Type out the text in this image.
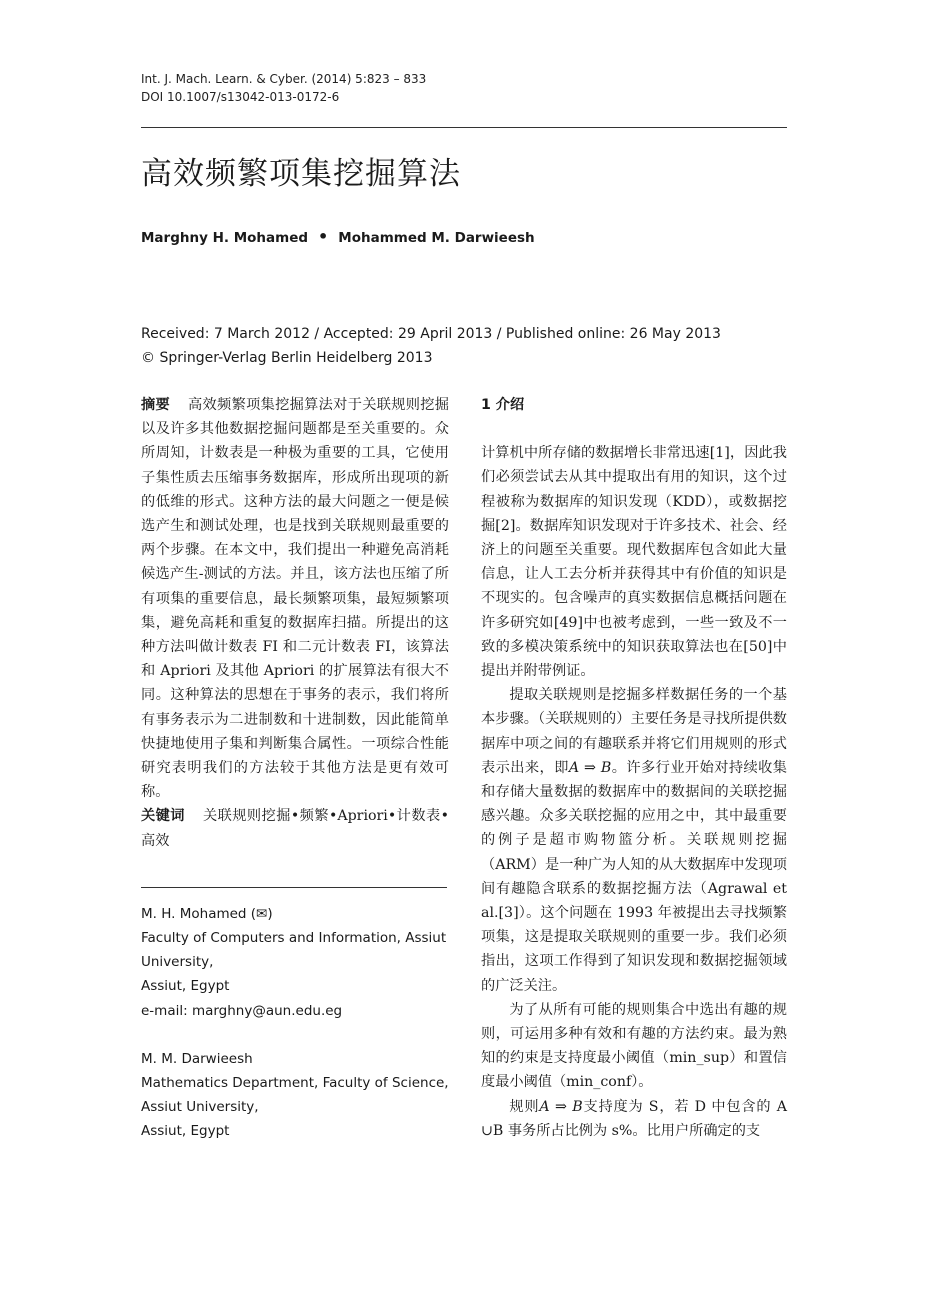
Int. J. Mach. Learn. & Cyber. (2014) 5:823 – 833
DOI 10.1007/s13042-013-0172-6
高效频繁项集挖掘算法
Marghny H. Mohamed • Mohammed M. Darwieesh
Received: 7 March 2012 / Accepted: 29 April 2013 / Published online: 26 May 2013
© Springer-Verlag Berlin Heidelberg 2013

摘要 高效频繁项集挖掘算法对于关联规则挖掘以及许多其他数据挖掘问题都是至关重要的。众所周知，计数表是一种极为重要的工具，它使用子集性质去压缩事务数据库，形成所出现项的新的低维的形式。这种方法的最大问题之一便是候选产生和测试处理，也是找到关联规则最重要的两个步骤。在本文中，我们提出一种避免高消耗候选产生-测试的方法。并且，该方法也压缩了所有项集的重要信息，最长频繁项集，最短频繁项集，避免高耗和重复的数据库扫描。所提出的这种方法叫做计数表 FI 和二元计数表 FI，该算法和 Apriori 及其他 Apriori 的扩展算法有很大不同。这种算法的思想在于事务的表示，我们将所有事务表示为二进制数和十进制数，因此能简单快捷地使用子集和判断集合属性。一项综合性能研究表明我们的方法较于其他方法是更有效可称。

关键词 关联规则挖掘•频繁•Apriori•计数表•高效

M. H. Mohamed (✉)
Faculty of Computers and Information, Assiut University,
Assiut, Egypt
e-mail: marghny@aun.edu.eg
M. M. Darwieesh
Mathematics Department, Faculty of Science, Assiut University,
Assiut, Egypt
1 介绍

计算机中所存储的数据增长非常迅速[1]，因此我们必须尝试去从其中提取出有用的知识，这个过程被称为数据库的知识发现（KDD），或数据挖掘[2]。数据库知识发现对于许多技术、社会、经济上的问题至关重要。现代数据库包含如此大量信息，让人工去分析并获得其中有价值的知识是不现实的。包含噪声的真实数据信息概括问题在许多研究如[49]中也被考虑到，一些一致及不一致的多模决策系统中的知识获取算法也在[50]中提出并附带例证。

提取关联规则是挖掘多样数据任务的一个基本步骤。（关联规则的）主要任务是寻找所提供数据库中项之间的有趣联系并将它们用规则的形式表示出来，即A ⇒ B。许多行业开始对持续收集和存储大量数据的数据库中的数据间的关联挖掘感兴趣。众多关联挖掘的应用之中，其中最重要的例子是超市购物篮分析。关联规则挖掘（ARM）是一种广为人知的从大数据库中发现项间有趣隐含联系的数据挖掘方法（Agrawal et al.[3]）。这个问题在 1993 年被提出去寻找频繁项集，这是提取关联规则的重要一步。我们必须指出，这项工作得到了知识发现和数据挖掘领域的广泛关注。

为了从所有可能的规则集合中选出有趣的规则，可运用多种有效和有趣的方法约束。最为熟知的约束是支持度最小阈值（min_sup）和置信度最小阈值（min_conf）。

规则A ⇒ B支持度为 S，若 D 中包含的 A ∪B 事务所占比例为 s%。比用户所确定的支
